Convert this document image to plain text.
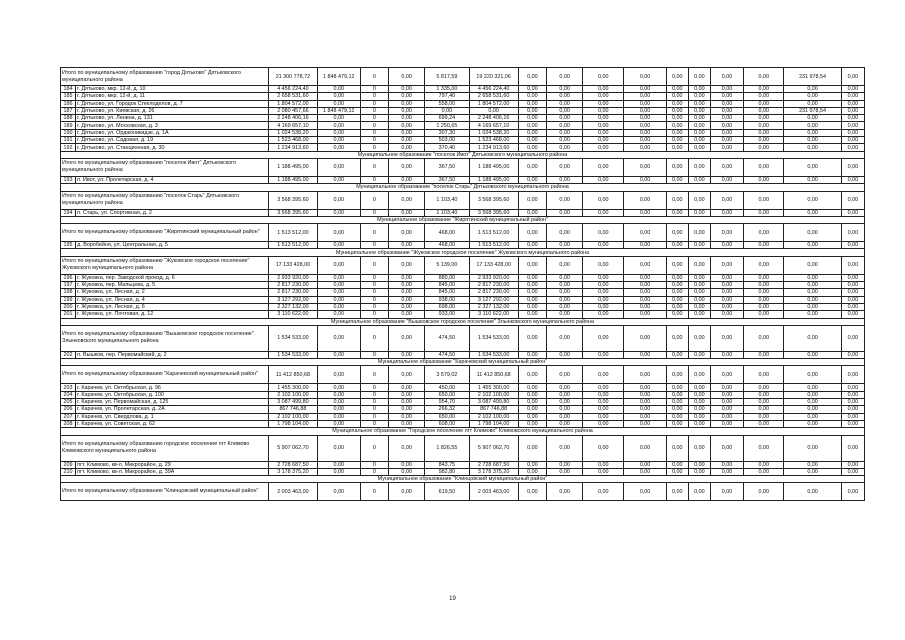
Итого по муниципальному образованию "город Дятьково" Дятьковского муниципального района		21 300 778,72	1 848 479,12	0	0,00	5 817,59	19 220 321,06	0,00	0,00	0,00	0,00	0,00	0,00	0,00	0,00	231 978,54	0,00
184	г. Дятьково, мкр. 12-й, д. 10	4 456 224,40	0,00	0	0,00	1 335,00	4 456 224,40	0,00	0,00	0,00	0,00	0,00	0,00	0,00	0,00	0,00	0,00
185	г. Дятьково, мкр. 12-й, д. 11	2 658 531,60	0,00	0	0,00	797,40	2 658 531,60	0,00	0,00	0,00	0,00	0,00	0,00	0,00	0,00	0,00	0,00
186	г. Дятьково, ул. Городок Стеклоделов, д. 7	1 804 572,00	0,00	0	0,00	558,00	1 804 572,00	0,00	0,00	0,00	0,00	0,00	0,00	0,00	0,00	0,00	0,00
187	г. Дятьково, ул. Киевская, д. 26	2 080 457,66	1 848 479,12	0	0,00	0,00	0,00	0,00	0,00	0,00	0,00	0,00	0,00	0,00	0,00	231 978,54	0,00
188	г. Дятьково, ул. Ленина, д. 131	2 248 406,16	0,00	0	0,00	699,24	2 248 406,16	0,00	0,00	0,00	0,00	0,00	0,00	0,00	0,00	0,00	0,00
189	г. Дятьково, ул. Московская, д. 3	4 169 657,10	0,00	0	0,00	1 250,65	4 169 657,10	0,00	0,00	0,00	0,00	0,00	0,00	0,00	0,00	0,00	0,00
190	г. Дятьково, ул. Орджоникидзе, д. 1А	1 024 538,20	0,00	0	0,00	307,30	1 024 538,20	0,00	0,00	0,00	0,00	0,00	0,00	0,00	0,00	0,00	0,00
191	г. Дятьково, ул. Садовая, д. 19	1 523 468,00	0,00	0	0,00	503,00	1 523 468,00	0,00	0,00	0,00	0,00	0,00	0,00	0,00	0,00	0,00	0,00
192	г. Дятьково, ул. Станционная, д. 30	1 234 913,60	0,00	0	0,00	370,40	1 234 913,60	0,00	0,00	0,00	0,00	0,00	0,00	0,00	0,00	0,00	0,00
Муниципальное образование "поселок Ивот" Дятьковского муниципального района																	
Итого по муниципальному образованию "поселок Ивот" Дятьковского муниципального района		1 188 495,00	0,00	0	0,00	367,50	1 188 495,00	0,00	0,00	0,00	0,00	0,00	0,00	0,00	0,00	0,00	0,00
193	п. Ивот, ул. Пролетарская, д. 4	1 188 495,00	0,00	0	0,00	367,50	1 188 495,00	0,00	0,00	0,00	0,00	0,00	0,00	0,00	0,00	0,00	0,00
Муниципальное образование "поселок Старь" Дятьковского муниципального района																	
Итого по муниципальному образованию "поселок Старь" Дятьковского муниципального района		3 568 395,60	0,00	0	0,00	1 103,40	3 568 395,60	0,00	0,00	0,00	0,00	0,00	0,00	0,00	0,00	0,00	0,00
194	п. Старь, ул. Спортивная, д. 2	3 568 395,60	0,00	0	0,00	1 103,40	3 568 395,60	0,00	0,00	0,00	0,00	0,00	0,00	0,00	0,00	0,00	0,00
Муниципальное образование "Жирятинский муниципальный район"																	
Итого по муниципальному образованию "Жирятинский муниципальный район"		1 513 512,00	0,00	0	0,00	468,00	1 513 512,00	0,00	0,00	0,00	0,00	0,00	0,00	0,00	0,00	0,00	0,00
195	д. Воробейня, ул. Центральная, д. 5	1 513 512,00	0,00	0	0,00	468,00	1 513 512,00	0,00	0,00	0,00	0,00	0,00	0,00	0,00	0,00	0,00	0,00
Муниципальное образование "Жуковское городское поселение" Жуковского муниципального района																	
Итого по муниципальному образованию "Жуковское городское поселение" Жуковского муниципального района		17 133 428,00	0,00	0	0,00	5 139,00	17 133 428,00	0,00	0,00	0,00	0,00	0,00	0,00	0,00	0,00	0,00	0,00
196	г. Жуковка, пер. Заводской проезд, д. 6	2 933 920,00	0,00	0	0,00	880,00	2 933 920,00	0,00	0,00	0,00	0,00	0,00	0,00	0,00	0,00	0,00	0,00
197	г. Жуковка, пер. Мальцева, д. 5	2 817 230,00	0,00	0	0,00	845,00	2 817 230,00	0,00	0,00	0,00	0,00	0,00	0,00	0,00	0,00	0,00	0,00
198	г. Жуковка, ул. Лесная, д. 2	2 817 230,00	0,00	0	0,00	845,00	2 817 230,00	0,00	0,00	0,00	0,00	0,00	0,00	0,00	0,00	0,00	0,00
199	г. Жуковка, ул. Лесная, д. 4	3 127 292,00	0,00	0	0,00	938,00	3 127 292,00	0,00	0,00	0,00	0,00	0,00	0,00	0,00	0,00	0,00	0,00
200	г. Жуковка, ул. Лесная, д. 6	2 327 132,00	0,00	0	0,00	698,00	2 327 132,00	0,00	0,00	0,00	0,00	0,00	0,00	0,00	0,00	0,00	0,00
201	г. Жуковка, ул. Почтовая, д. 12	3 110 622,00	0,00	0	0,00	933,00	3 110 622,00	0,00	0,00	0,00	0,00	0,00	0,00	0,00	0,00	0,00	0,00
Муниципальное образование "Вышковское городское поселение" Злынковского муниципального района																	
Итого по муниципальному образованию "Вышковское городское поселение" Злынковского муниципального района		1 534 533,00	0,00	0	0,00	474,50	1 534 533,00	0,00	0,00	0,00	0,00	0,00	0,00	0,00	0,00	0,00	0,00
202	п. Вышков, пер. Первомайский, д. 2	1 534 533,00	0,00	0	0,00	474,50	1 534 533,00	0,00	0,00	0,00	0,00	0,00	0,00	0,00	0,00	0,00	0,00
Муниципальное образование "Карачевский муниципальный район"																	
Итого по муниципальному образованию "Карачевский муниципальный район"		11 412 850,68	0,00	0	0,00	3 579,02	11 412 850,68	0,00	0,00	0,00	0,00	0,00	0,00	0,00	0,00	0,00	0,00
203	г. Карачев, ул. Октябрьская, д. 96	1 455 300,00	0,00	0	0,00	450,00	1 455 300,00	0,00	0,00	0,00	0,00	0,00	0,00	0,00	0,00	0,00	0,00
204	г. Карачев, ул. Октябрьская, д. 100	2 102 100,00	0,00	0	0,00	650,00	2 102 100,00	0,00	0,00	0,00	0,00	0,00	0,00	0,00	0,00	0,00	0,00
205	г. Карачев, ул. Первомайская, д. 125	3 087 499,80	0,00	0	0,00	954,70	3 087 499,80	0,00	0,00	0,00	0,00	0,00	0,00	0,00	0,00	0,00	0,00
206	г. Карачев, ул. Пролетарская, д. 2А	867 746,88	0,00	0	0,00	266,32	867 746,88	0,00	0,00	0,00	0,00	0,00	0,00	0,00	0,00	0,00	0,00
207	г. Карачев, ул. Свердлова, д. 1	2 102 100,00	0,00	0	0,00	650,00	2 102 100,00	0,00	0,00	0,00	0,00	0,00	0,00	0,00	0,00	0,00	0,00
208	г. Карачев, ул. Советская, д. 62	1 798 104,00	0,00	0	0,00	608,00	1 798 104,00	0,00	0,00	0,00	0,00	0,00	0,00	0,00	0,00	0,00	0,00
Муниципальное образование "Городское поселение пгт Климово" Климовского муниципального района																	
Итого по муниципальному образованию городское поселение пгт Климово Климовского муниципального района		5 907 062,70	0,00	0	0,00	1 826,55	5 907 062,70	0,00	0,00	0,00	0,00	0,00	0,00	0,00	0,00	0,00	0,00
209	пгт. Климово, кв-л. Микрорайон, д. 29	2 728 687,50	0,00	0	0,00	843,75	2 728 687,50	0,00	0,00	0,00	0,00	0,00	0,00	0,00	0,00	0,00	0,00
210	пгт. Климово, кв-л. Микрорайон, д. 39А	3 178 375,20	0,00	0	0,00	982,80	3 178 375,20	0,00	0,00	0,00	0,00	0,00	0,00	0,00	0,00	0,00	0,00
Муниципальное образование "Клинцовский муниципальный район"																	
Итого по муниципальному образованию "Клинцовский муниципальный район"		2 003 463,00	0,00	0	0,00	619,50	2 003 463,00	0,00	0,00	0,00	0,00	0,00	0,00	0,00	0,00	0,00	0,00
19
